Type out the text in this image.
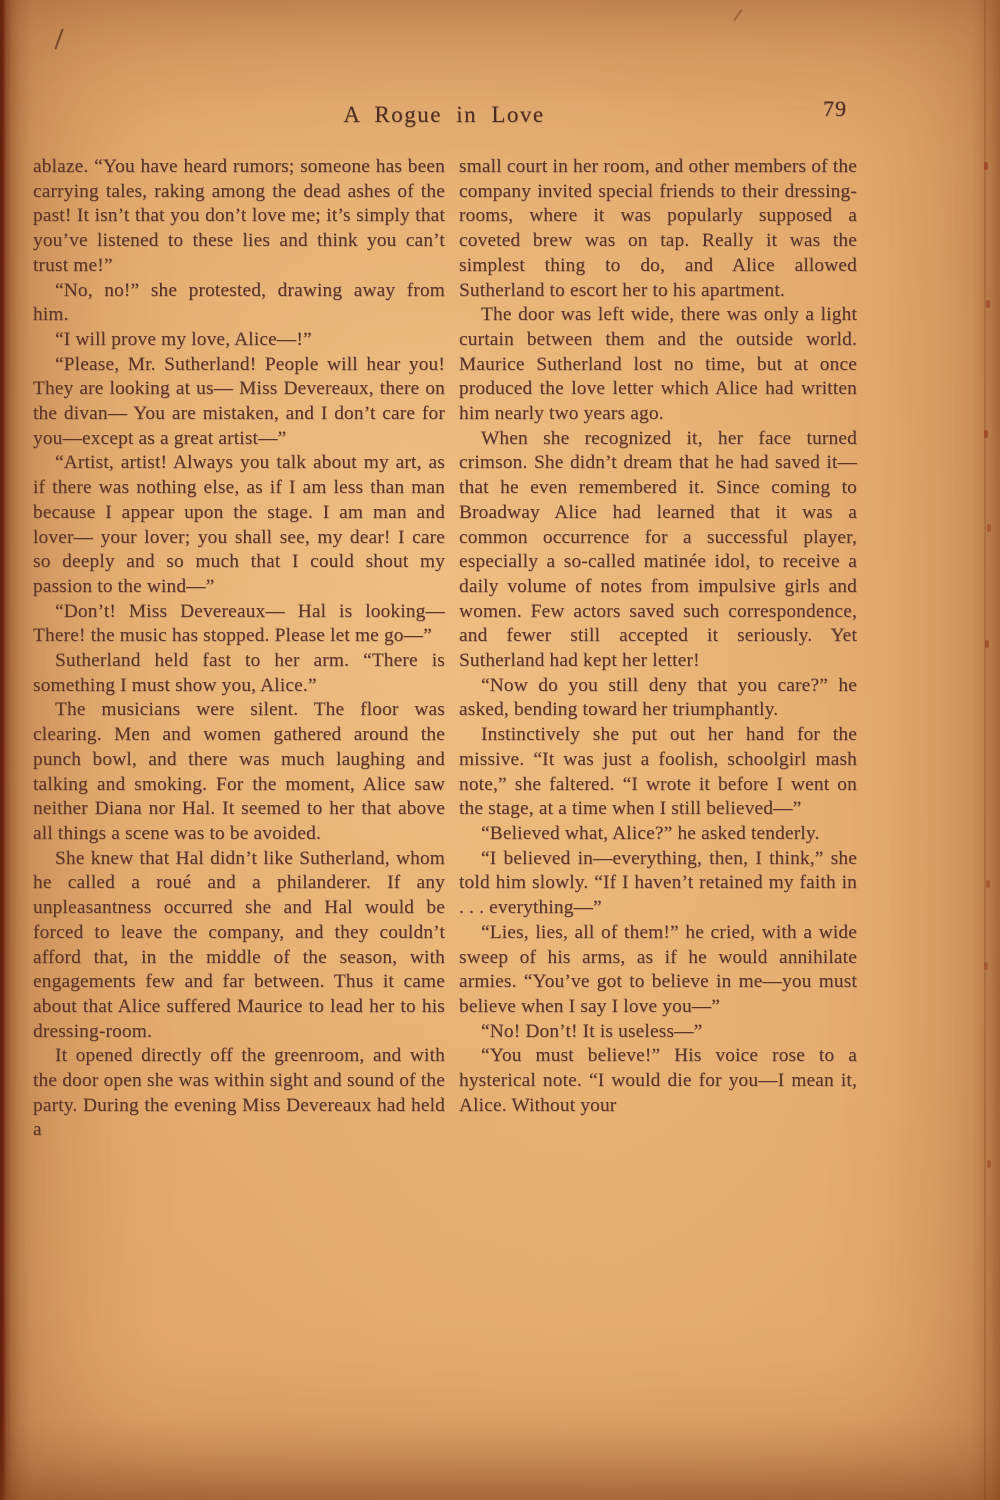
A Rogue in Love	79

ablaze. “You have heard rumors; someone has been carrying tales, raking among the dead ashes of the past! It isn’t that you don’t love me; it’s simply that you’ve listened to these lies and think you can’t trust me!”

“No, no!” she protested, drawing away from him.

“I will prove my love, Alice—!”

“Please, Mr. Sutherland! People will hear you! They are looking at us— Miss Devereaux, there on the divan— You are mistaken, and I don’t care for you—except as a great artist—”

“Artist, artist! Always you talk about my art, as if there was nothing else, as if I am less than man because I appear upon the stage. I am man and lover— your lover; you shall see, my dear! I care so deeply and so much that I could shout my passion to the wind—”

“Don’t! Miss Devereaux— Hal is looking— There! the music has stopped. Please let me go—”

Sutherland held fast to her arm. “There is something I must show you, Alice.”

The musicians were silent. The floor was clearing. Men and women gathered around the punch bowl, and there was much laughing and talking and smoking. For the moment, Alice saw neither Diana nor Hal. It seemed to her that above all things a scene was to be avoided.

She knew that Hal didn’t like Sutherland, whom he called a roué and a philanderer. If any unpleasantness occurred she and Hal would be forced to leave the company, and they couldn’t afford that, in the middle of the season, with engagements few and far between. Thus it came about that Alice suffered Maurice to lead her to his dressing-room.

It opened directly off the greenroom, and with the door open she was within sight and sound of the party. During the evening Miss Devereaux had held a

small court in her room, and other members of the company invited special friends to their dressing-rooms, where it was popularly supposed a coveted brew was on tap. Really it was the simplest thing to do, and Alice allowed Sutherland to escort her to his apartment.

The door was left wide, there was only a light curtain between them and the outside world. Maurice Sutherland lost no time, but at once produced the love letter which Alice had written him nearly two years ago.

When she recognized it, her face turned crimson. She didn’t dream that he had saved it—that he even remembered it. Since coming to Broadway Alice had learned that it was a common occurrence for a successful player, especially a so-called matinée idol, to receive a daily volume of notes from impulsive girls and women. Few actors saved such correspondence, and fewer still accepted it seriously. Yet Sutherland had kept her letter!

“Now do you still deny that you care?” he asked, bending toward her triumphantly.

Instinctively she put out her hand for the missive. “It was just a foolish, schoolgirl mash note,” she faltered. “I wrote it before I went on the stage, at a time when I still believed—”

“Believed what, Alice?” he asked tenderly.

“I believed in—everything, then, I think,” she told him slowly. “If I haven’t retained my faith in . . . everything—”

“Lies, lies, all of them!” he cried, with a wide sweep of his arms, as if he would annihilate armies. “You’ve got to believe in me—you must believe when I say I love you—”

“No! Don’t! It is useless—”

“You must believe!” His voice rose to a hysterical note. “I would die for you—I mean it, Alice. Without your
